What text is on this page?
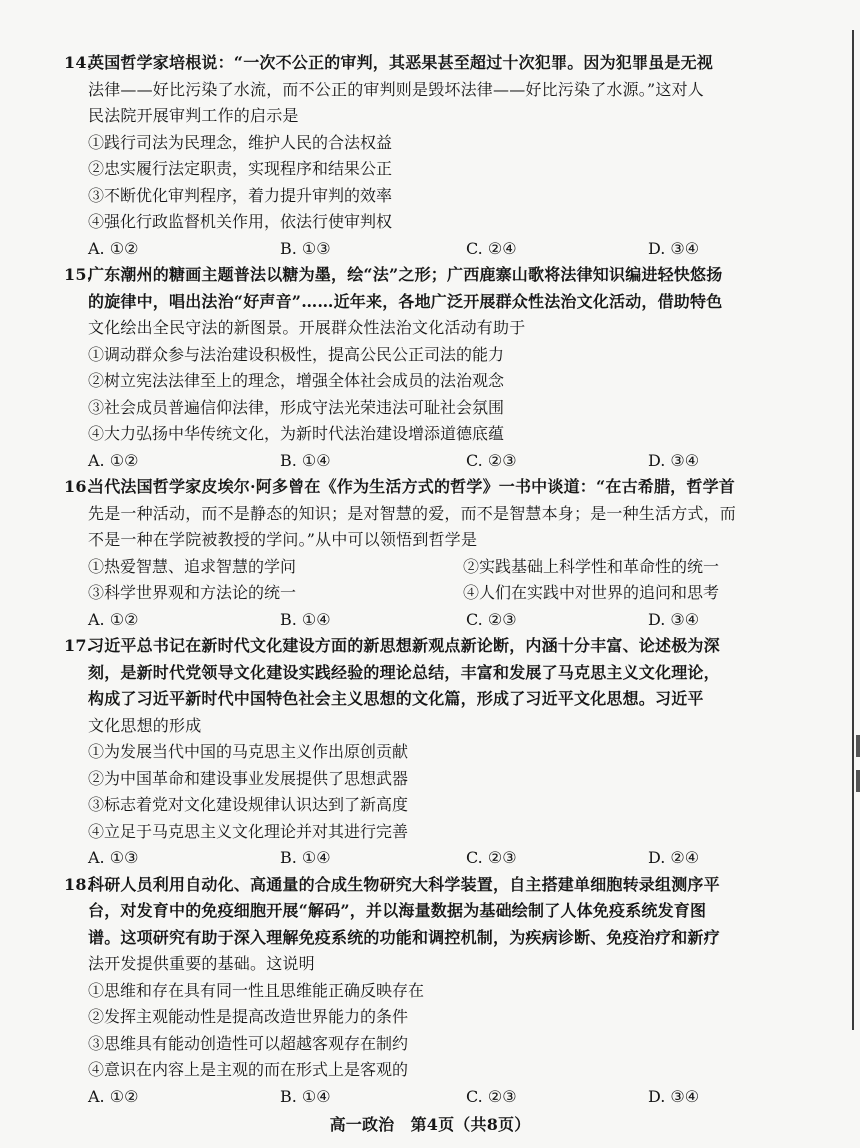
14.英国哲学家培根说：“一次不公正的审判，其恶果甚至超过十次犯罪。因为犯罪虽是无视
法律——好比污染了水流，而不公正的审判则是毁坏法律——好比污染了水源。”这对人
民法院开展审判工作的启示是
①践行司法为民理念，维护人民的合法权益
②忠实履行法定职责，实现程序和结果公正
③不断优化审判程序，着力提升审判的效率
④强化行政监督机关作用，依法行使审判权
A. ①②	B. ①③	C. ②④	D. ③④
15.广东潮州的糖画主题普法以糖为墨，绘“法”之形；广西鹿寨山歌将法律知识编进轻快悠扬
的旋律中，唱出法治“好声音”……近年来，各地广泛开展群众性法治文化活动，借助特色
文化绘出全民守法的新图景。开展群众性法治文化活动有助于
①调动群众参与法治建设积极性，提高公民公正司法的能力
②树立宪法法律至上的理念，增强全体社会成员的法治观念
③社会成员普遍信仰法律，形成守法光荣违法可耻社会氛围
④大力弘扬中华传统文化，为新时代法治建设增添道德底蕴
A. ①②	B. ①④	C. ②③	D. ③④
16.当代法国哲学家皮埃尔·阿多曾在《作为生活方式的哲学》一书中谈道：“在古希腊，哲学首
先是一种活动，而不是静态的知识；是对智慧的爱，而不是智慧本身；是一种生活方式，而
不是一种在学院被教授的学问。”从中可以领悟到哲学是
①热爱智慧、追求智慧的学问	②实践基础上科学性和革命性的统一
③科学世界观和方法论的统一	④人们在实践中对世界的追问和思考
A. ①②	B. ①④	C. ②③	D. ③④
17.习近平总书记在新时代文化建设方面的新思想新观点新论断，内涵十分丰富、论述极为深
刻，是新时代党领导文化建设实践经验的理论总结，丰富和发展了马克思主义文化理论，
构成了习近平新时代中国特色社会主义思想的文化篇，形成了习近平文化思想。习近平
文化思想的形成
①为发展当代中国的马克思主义作出原创贡献
②为中国革命和建设事业发展提供了思想武器
③标志着党对文化建设规律认识达到了新高度
④立足于马克思主义文化理论并对其进行完善
A. ①③	B. ①④	C. ②③	D. ②④
18.科研人员利用自动化、高通量的合成生物研究大科学装置，自主搭建单细胞转录组测序平
台，对发育中的免疫细胞开展“解码”，并以海量数据为基础绘制了人体免疫系统发育图
谱。这项研究有助于深入理解免疫系统的功能和调控机制，为疾病诊断、免疫治疗和新疗
法开发提供重要的基础。这说明
①思维和存在具有同一性且思维能正确反映存在
②发挥主观能动性是提高改造世界能力的条件
③思维具有能动创造性可以超越客观存在制约
④意识在内容上是主观的而在形式上是客观的
A. ①②	B. ①④	C. ②③	D. ③④
高一政治　第4页（共8页）
